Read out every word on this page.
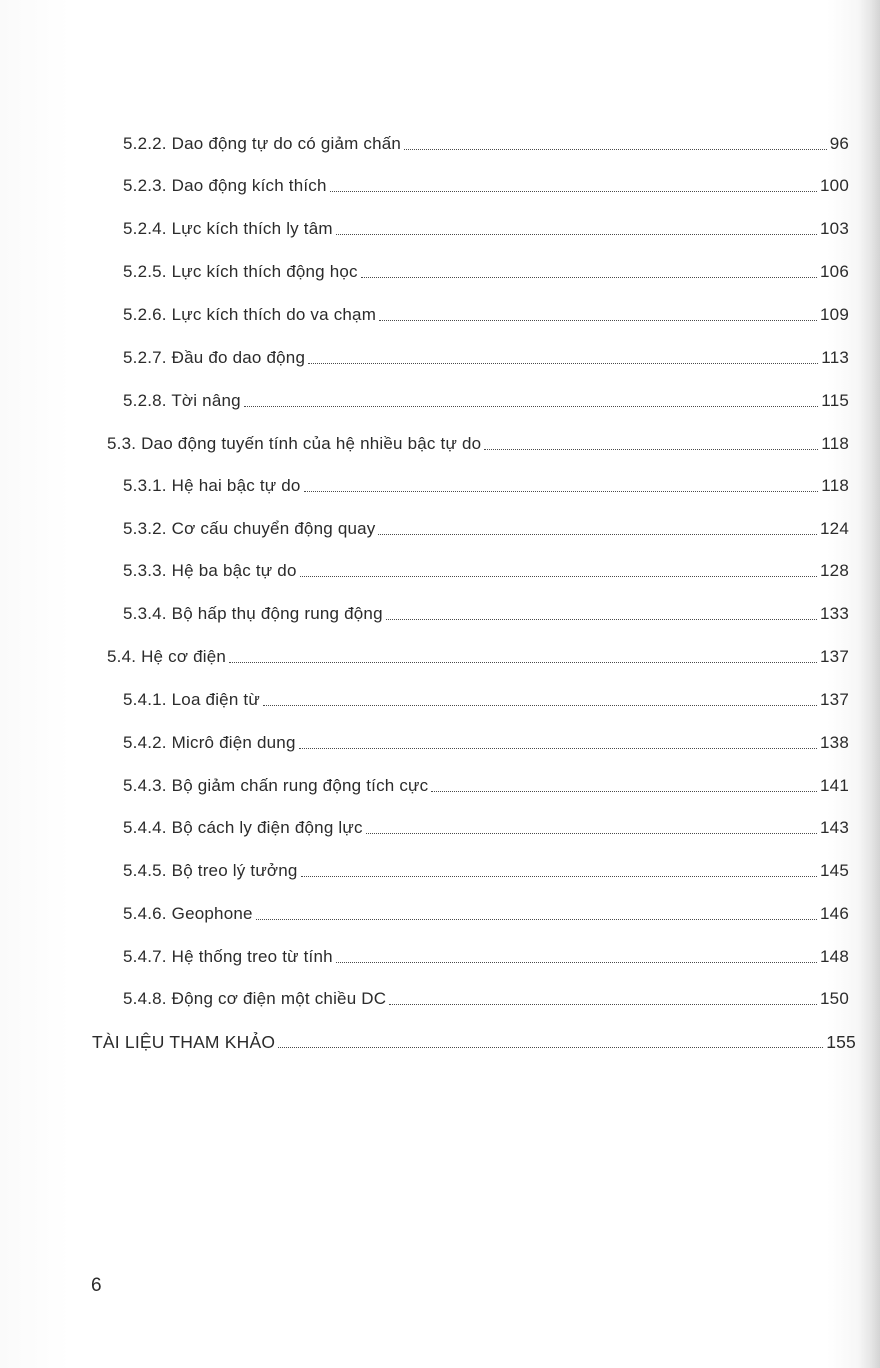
5.2.2. Dao động tự do có giảm chấn	96
5.2.3. Dao động kích thích	100
5.2.4. Lực kích thích ly tâm	103
5.2.5. Lực kích thích động học	106
5.2.6. Lực kích thích do va chạm	109
5.2.7. Đầu đo dao động	113
5.2.8. Tời nâng	115
5.3. Dao động tuyến tính của hệ nhiều bậc tự do	118
5.3.1. Hệ hai bậc tự do	118
5.3.2. Cơ cấu chuyển động quay	124
5.3.3. Hệ ba bậc tự do	128
5.3.4. Bộ hấp thụ động rung động	133
5.4. Hệ cơ điện	137
5.4.1. Loa điện từ	137
5.4.2. Micrô điện dung	138
5.4.3. Bộ giảm chấn rung động tích cực	141
5.4.4. Bộ cách ly điện động lực	143
5.4.5. Bộ treo lý tưởng	145
5.4.6. Geophone	146
5.4.7. Hệ thống treo từ tính	148
5.4.8. Động cơ điện một chiều DC	150
TÀI LIỆU THAM KHẢO	155
6
